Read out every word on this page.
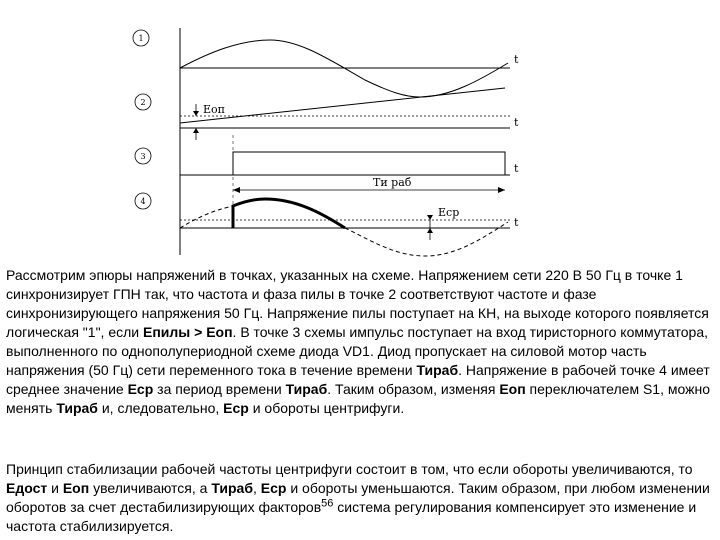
1
t
2
t
Eоп
3
t
Ти раб
4
t
Eср

Рассмотрим эпюры напряжений в точках, указанных на схеме. Напряжением сети 220 В 50 Гц в точке 1 синхронизирует ГПН так, что частота и фаза пилы в точке 2 соответствуют частоте и фазе синхронизирующего напряжения 50 Гц. Напряжение пилы поступает на КН, на выходе которого появляется логическая "1", если Епилы > Еоп. В точке 3 схемы импульс поступает на вход тиристорного коммутатора, выполненного по однополупериодной схеме диода VD1. Диод пропускает на силовой мотор часть напряжения (50 Гц) сети переменного тока в течение времени Тираб. Напряжение в рабочей точке 4 имеет среднее значение Еср за период времени Тираб. Таким образом, изменяя Еоп переключателем S1, можно менять Тираб и, следовательно, Еср и обороты центрифуги.

Принцип стабилизации рабочей частоты центрифуги состоит в том, что если обороты увеличиваются, то Едост и Еоп увеличиваются, а Тираб, Еср и обороты уменьшаются. Таким образом, при любом изменении оборотов за счет дестабилизирующих факторов$^{56}$ система регулирования компенсирует это изменение и частота стабилизируется.
